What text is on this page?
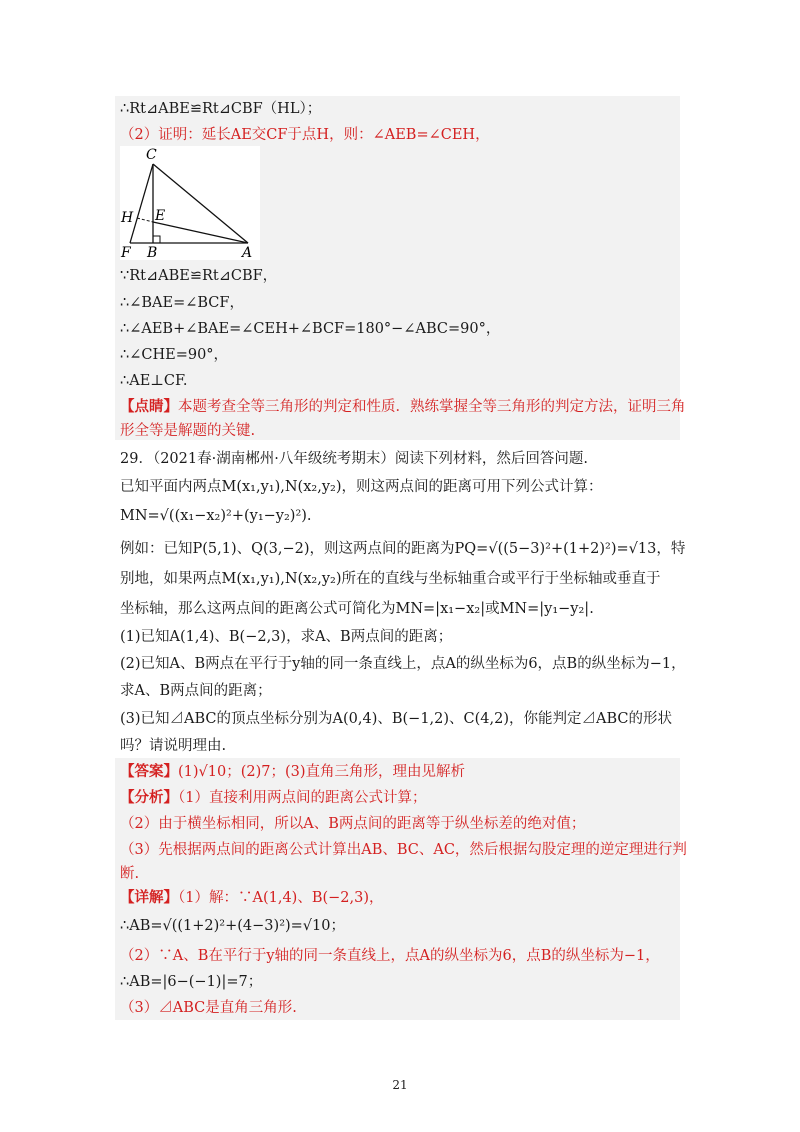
∴Rt⊿ABE≌Rt⊿CBF（HL）；
（2）证明：延长AE交CF于点H，则：∠AEB=∠CEH，
C
H E
F B	A
∵Rt⊿ABE≌Rt⊿CBF，
∴∠BAE=∠BCF，
∴∠AEB+∠BAE=∠CEH+∠BCF=180°−∠ABC=90°，
∴∠CHE=90°，
∴AE⊥CF.
【点睛】本题考查全等三角形的判定和性质．熟练掌握全等三角形的判定方法，证明三角
形全等是解题的关键.
29．（2021春·湖南郴州·八年级统考期末）阅读下列材料，然后回答问题.
已知平面内两点M(x₁,y₁),N(x₂,y₂)，则这两点间的距离可用下列公式计算：
MN=√((x₁−x₂)²+(y₁−y₂)²).
例如：已知P(5,1)、Q(3,−2)，则这两点间的距离为PQ=√((5−3)²+(1+2)²)=√13，特
别地，如果两点M(x₁,y₁),N(x₂,y₂)所在的直线与坐标轴重合或平行于坐标轴或垂直于
坐标轴，那么这两点间的距离公式可简化为MN=|x₁−x₂|或MN=|y₁−y₂|.
(1)已知A(1,4)、B(−2,3)，求A、B两点间的距离；
(2)已知A、B两点在平行于y轴的同一条直线上，点A的纵坐标为6，点B的纵坐标为−1，
求A、B两点间的距离；
(3)已知⊿ABC的顶点坐标分别为A(0,4)、B(−1,2)、C(4,2)，你能判定⊿ABC的形状
吗？请说明理由.
【答案】(1)√10；(2)7；(3)直角三角形，理由见解析
【分析】（1）直接利用两点间的距离公式计算；
（2）由于横坐标相同，所以A、B两点间的距离等于纵坐标差的绝对值；
（3）先根据两点间的距离公式计算出AB、BC、AC，然后根据勾股定理的逆定理进行判
断.
【详解】（1）解：∵A(1,4)、B(−2,3)，
∴AB=√((1+2)²+(4−3)²)=√10；
（2）∵A、B在平行于y轴的同一条直线上，点A的纵坐标为6，点B的纵坐标为−1，
∴AB=|6−(−1)|=7；
（3）⊿ABC是直角三角形.
21
